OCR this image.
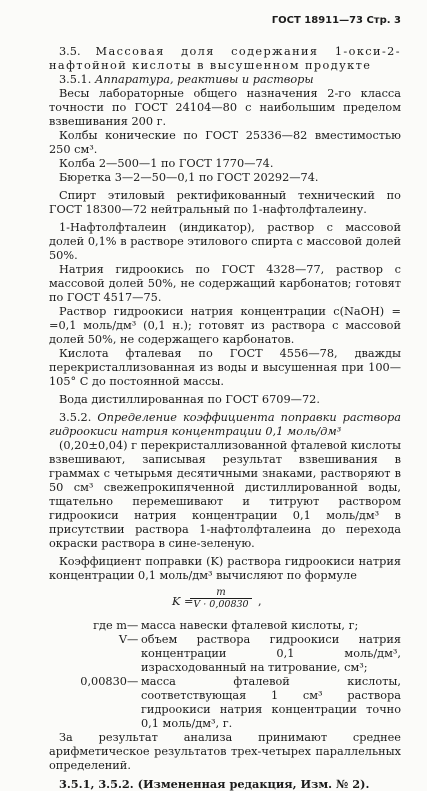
ГОСТ 18911—73 Стр. 3

3.5. Массовая доля содержания 1-окси-2-нафтойной кислоты в высушенном продукте

3.5.1. Аппаратура, реактивы и растворы

Весы лабораторные общего назначения 2-го класса точности по ГОСТ 24104—80 с наибольшим пределом взвешивания 200 г.

Колбы конические по ГОСТ 25336—82 вместимостью 250 см³.

Колба 2—500—1 по ГОСТ 1770—74.

Бюретка 3—2—50—0,1 по ГОСТ 20292—74.

Спирт этиловый ректификованный технический по ГОСТ 18300—72 нейтральный по 1-нафтолфталеину.

1-Нафтолфталеин (индикатор), раствор с массовой долей 0,1% в растворе этилового спирта с массовой долей 50%.

Натрия гидроокись по ГОСТ 4328—77, раствор с массовой долей 50%, не содержащий карбонатов; готовят по ГОСТ 4517—75.

Раствор гидроокиси натрия концентрации с(NaOH) = =0,1 моль/дм³ (0,1 н.); готовят из раствора с массовой долей 50%, не содержащего карбонатов.

Кислота фталевая по ГОСТ 4556—78, дважды перекристаллизованная из воды и высушенная при 100—105° С до постоянной массы.

Вода дистиллированная по ГОСТ 6709—72.

3.5.2. Определение коэффициента поправки раствора гидроокиси натрия концентрации 0,1 моль/дм³

(0,20±0,04) г перекристаллизованной фталевой кислоты взвешивают, записывая результат взвешивания в граммах с четырьмя десятичными знаками, растворяют в 50 см³ свежепрокипяченной дистиллированной воды, тщательно перемешивают и титруют раствором гидроокиси натрия концентрации 0,1 моль/дм³ в присутствии раствора 1-нафтолфталеина до перехода окраски раствора в сине-зеленую.

Коэффициент поправки (K) раствора гидроокиси натрия концентрации 0,1 моль/дм³ вычисляют по формуле

K =
m
V · 0,00830 ,
где m	—	масса навески фталевой кислоты, г;
V	—	объем раствора гидроокиси натрия концентрации 0,1 моль/дм³, израсходованный на титрование, см³;
0,00830	—	масса фталевой кислоты, соответствующая 1 см³ раствора гидроокиси натрия концентрации точно 0,1 моль/дм³, г.

За результат анализа принимают среднее арифметическое результатов трех-четырех параллельных определений.

3.5.1, 3.5.2. (Измененная редакция, Изм. № 2).
